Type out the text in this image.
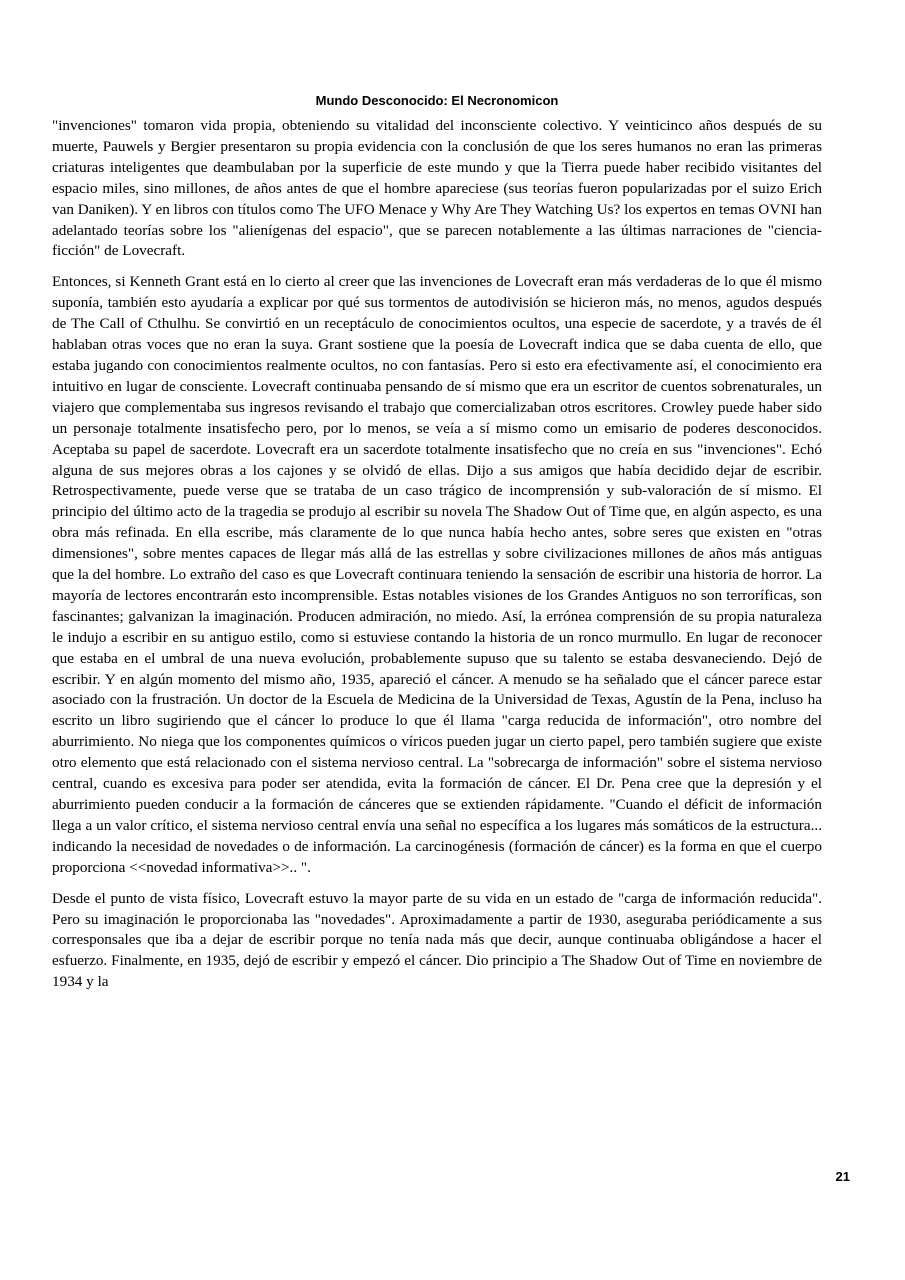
Mundo Desconocido: El Necronomicon

"invenciones" tomaron vida propia, obteniendo su vitalidad del inconsciente colectivo. Y veinticinco años después de su muerte, Pauwels y Bergier presentaron su propia evidencia con la conclusión de que los seres humanos no eran las primeras criaturas inteligentes que deambulaban por la superficie de este mundo y que la Tierra puede haber recibido visitantes del espacio miles, sino millones, de años antes de que el hombre apareciese (sus teorías fueron popularizadas por el suizo Erich van Daniken). Y en libros con títulos como The UFO Menace y Why Are They Watching Us? los expertos en temas OVNI han adelantado teorías sobre los "alienígenas del espacio", que se parecen notablemente a las últimas narraciones de "ciencia-ficción" de Lovecraft.

Entonces, si Kenneth Grant está en lo cierto al creer que las invenciones de Lovecraft eran más verdaderas de lo que él mismo suponía, también esto ayudaría a explicar por qué sus tormentos de autodivisión se hicieron más, no menos, agudos después de The Call of Cthulhu. Se convirtió en un receptáculo de conocimientos ocultos, una especie de sacerdote, y a través de él hablaban otras voces que no eran la suya. Grant sostiene que la poesía de Lovecraft indica que se daba cuenta de ello, que estaba jugando con conocimientos realmente ocultos, no con fantasías. Pero si esto era efectivamente así, el conocimiento era intuitivo en lugar de consciente. Lovecraft continuaba pensando de sí mismo que era un escritor de cuentos sobrenaturales, un viajero que complementaba sus ingresos revisando el trabajo que comercializaban otros escritores. Crowley puede haber sido un personaje totalmente insatisfecho pero, por lo menos, se veía a sí mismo como un emisario de poderes desconocidos. Aceptaba su papel de sacerdote. Lovecraft era un sacerdote totalmente insatisfecho que no creía en sus "invenciones". Echó alguna de sus mejores obras a los cajones y se olvidó de ellas. Dijo a sus amigos que había decidido dejar de escribir. Retrospectivamente, puede verse que se trataba de un caso trágico de incomprensión y sub-valoración de sí mismo. El principio del último acto de la tragedia se produjo al escribir su novela The Shadow Out of Time que, en algún aspecto, es una obra más refinada. En ella escribe, más claramente de lo que nunca había hecho antes, sobre seres que existen en "otras dimensiones", sobre mentes capaces de llegar más allá de las estrellas y sobre civilizaciones millones de años más antiguas que la del hombre. Lo extraño del caso es que Lovecraft continuara teniendo la sensación de escribir una historia de horror. La mayoría de lectores encontrarán esto incomprensible. Estas notables visiones de los Grandes Antiguos no son terroríficas, son fascinantes; galvanizan la imaginación. Producen admiración, no miedo. Así, la errónea comprensión de su propia naturaleza le indujo a escribir en su antiguo estilo, como si estuviese contando la historia de un ronco murmullo. En lugar de reconocer que estaba en el umbral de una nueva evolución, probablemente supuso que su talento se estaba desvaneciendo. Dejó de escribir. Y en algún momento del mismo año, 1935, apareció el cáncer. A menudo se ha señalado que el cáncer parece estar asociado con la frustración. Un doctor de la Escuela de Medicina de la Universidad de Texas, Agustín de la Pena, incluso ha escrito un libro sugiriendo que el cáncer lo produce lo que él llama "carga reducida de información", otro nombre del aburrimiento. No niega que los componentes químicos o víricos pueden jugar un cierto papel, pero también sugiere que existe otro elemento que está relacionado con el sistema nervioso central. La "sobrecarga de información" sobre el sistema nervioso central, cuando es excesiva para poder ser atendida, evita la formación de cáncer. El Dr. Pena cree que la depresión y el aburrimiento pueden conducir a la formación de cánceres que se extienden rápidamente. "Cuando el déficit de información llega a un valor crítico, el sistema nervioso central envía una señal no específica a los lugares más somáticos de la estructura... indicando la necesidad de novedades o de información. La carcinogénesis (formación de cáncer) es la forma en que el cuerpo proporciona <<novedad informativa>>.. ".

Desde el punto de vista físico, Lovecraft estuvo la mayor parte de su vida en un estado de "carga de información reducida". Pero su imaginación le proporcionaba las "novedades". Aproximadamente a partir de 1930, aseguraba periódicamente a sus corresponsales que iba a dejar de escribir porque no tenía nada más que decir, aunque continuaba obligándose a hacer el esfuerzo. Finalmente, en 1935, dejó de escribir y empezó el cáncer. Dio principio a The Shadow Out of Time en noviembre de 1934 y la

21
